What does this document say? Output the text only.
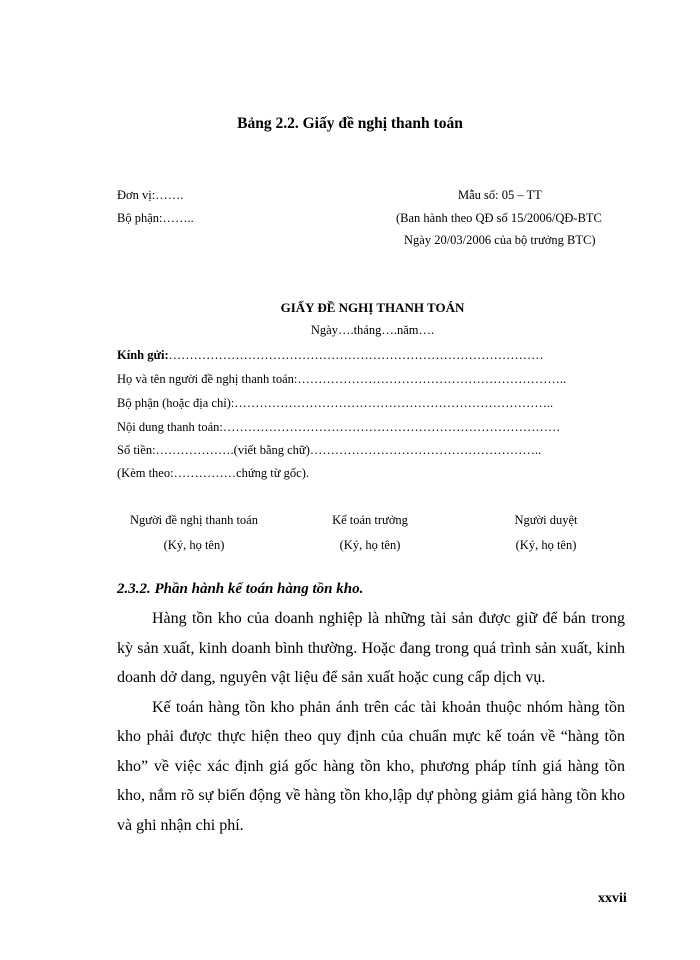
Bảng 2.2. Giấy đề nghị thanh toán
Đơn vị:…….
Bộ phận:……..
Mẫu số: 05 – TT
(Ban hành theo QĐ số 15/2006/QĐ-BTC
Ngày 20/03/2006 của bộ trưởng BTC)
GIẤY ĐỀ NGHỊ THANH TOÁN
Ngày….tháng….năm….
Kính gửi:………………………………………………………………………………
Họ và tên người đề nghị thanh toán:………………………………………………………..
Bộ phận (hoặc địa chỉ):…………………………………………………………………..
Nội dung thanh toán:………………………………………………………………………
Số tiền:……………….(viết bằng chữ)………………………………………………..
(Kèm theo:……………chứng từ gốc).
Người đề nghị thanh toán
(Ký, họ tên)
Kế toán trưởng
(Ký, họ tên)
Người duyệt
(Ký, họ tên)
2.3.2. Phần hành kế toán hàng tồn kho.

Hàng tồn kho của doanh nghiệp là những tài sản được giữ để bán trong kỳ sản xuất, kinh doanh bình thường. Hoặc đang trong quá trình sản xuất, kinh doanh dở dang, nguyên vật liệu để sản xuất hoặc cung cấp dịch vụ.

Kế toán hàng tồn kho phản ánh trên các tài khoản thuộc nhóm hàng tồn kho phải được thực hiện theo quy định của chuẩn mực kế toán về “hàng tồn kho” về việc xác định giá gốc hàng tồn kho, phương pháp tính giá hàng tồn kho, nắm rõ sự biến động về hàng tồn kho,lập dự phòng giảm giá hàng tồn kho và ghi nhận chi phí.

xxvii
